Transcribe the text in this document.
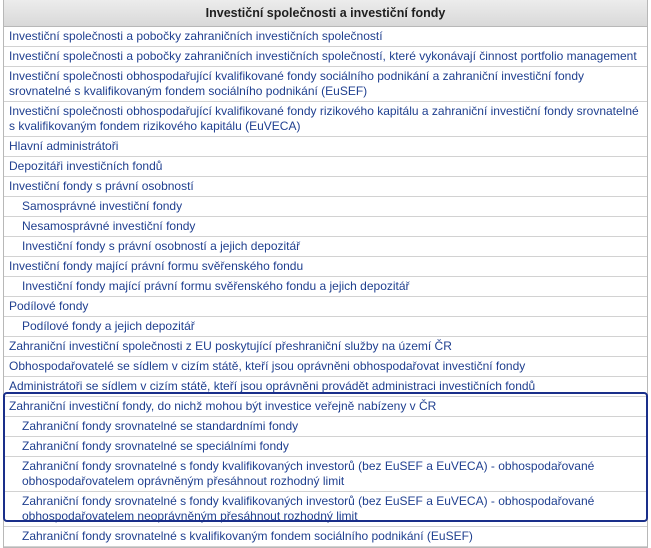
Investiční společnosti a investiční fondy
Investiční společnosti a pobočky zahraničních investičních společností
Investiční společnosti a pobočky zahraničních investičních společností, které vykonávají činnost portfolio management
Investiční společnosti obhospodařující kvalifikované fondy sociálního podnikání a zahraniční investiční fondy srovnatelné s kvalifikovaným fondem sociálního podnikání (EuSEF)
Investiční společnosti obhospodařující kvalifikované fondy rizikového kapitálu a zahraniční investiční fondy srovnatelné s kvalifikovaným fondem rizikového kapitálu (EuVECA)
Hlavní administrátoři
Depozitáři investičních fondů
Investiční fondy s právní osobností
Samosprávné investiční fondy
Nesamosprávné investiční fondy
Investiční fondy s právní osobností a jejich depozitář
Investiční fondy mající právní formu svěřenského fondu
Investiční fondy mající právní formu svěřenského fondu a jejich depozitář
Podílové fondy
Podílové fondy a jejich depozitář
Zahraniční investiční společnosti z EU poskytující přeshraniční služby na území ČR
Obhospodařovatelé se sídlem v cizím státě, kteří jsou oprávněni obhospodařovat investiční fondy
Administrátoři se sídlem v cizím státě, kteří jsou oprávněni provádět administraci investičních fondů
Zahraniční investiční fondy, do nichž mohou být investice veřejně nabízeny v ČR
Zahraniční fondy srovnatelné se standardními fondy
Zahraniční fondy srovnatelné se speciálními fondy
Zahraniční fondy srovnatelné s fondy kvalifikovaných investorů (bez EuSEF a EuVECA) - obhospodařované obhospodařovatelem oprávněným přesáhnout rozhodný limit
Zahraniční fondy srovnatelné s fondy kvalifikovaných investorů (bez EuSEF a EuVECA) - obhospodařované obhospodařovatelem neoprávněným přesáhnout rozhodný limit
Zahraniční fondy srovnatelné s kvalifikovaným fondem sociálního podnikání (EuSEF)
